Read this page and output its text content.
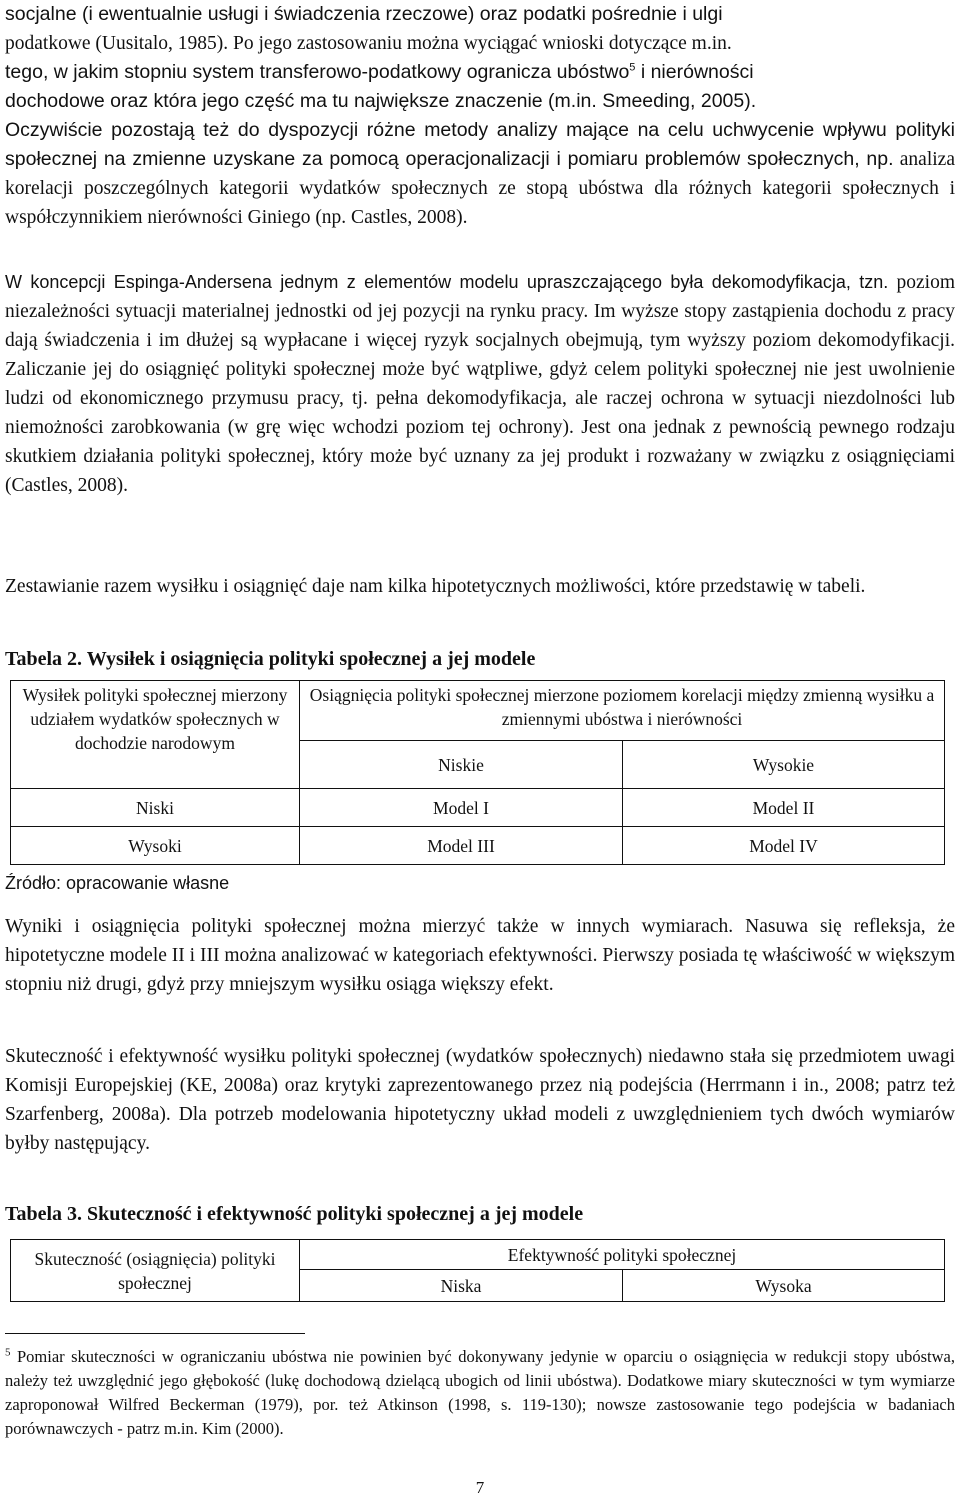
socjalne (i ewentualnie usługi i świadczenia rzeczowe) oraz podatki pośrednie i ulgi

podatkowe (Uusitalo, 1985). Po jego zastosowaniu można wyciągać wnioski dotyczące m.in.

tego, w jakim stopniu system transferowo-podatkowy ogranicza ubóstwo$^5$ i nierówności

dochodowe oraz która jego część ma tu największe znaczenie (m.in. Smeeding, 2005).

Oczywiście pozostają też do dyspozycji różne metody analizy mające na celu uchwycenie wpływu polityki społecznej na zmienne uzyskane za pomocą operacjonalizacji i pomiaru problemów społecznych, np. analiza korelacji poszczególnych kategorii wydatków społecznych ze stopą ubóstwa dla różnych kategorii społecznych i współczynnikiem nierówności Giniego (np. Castles, 2008).

W koncepcji Espinga-Andersena jednym z elementów modelu upraszczającego była dekomodyfikacja, tzn. poziom niezależności sytuacji materialnej jednostki od jej pozycji na rynku pracy. Im wyższe stopy zastąpienia dochodu z pracy dają świadczenia i im dłużej są wypłacane i więcej ryzyk socjalnych obejmują, tym wyższy poziom dekomodyfikacji. Zaliczanie jej do osiągnięć polityki społecznej może być wątpliwe, gdyż celem polityki społecznej nie jest uwolnienie ludzi od ekonomicznego przymusu pracy, tj. pełna dekomodyfikacja, ale raczej ochrona w sytuacji niezdolności lub niemożności zarobkowania (w grę więc wchodzi poziom tej ochrony). Jest ona jednak z pewnością pewnego rodzaju skutkiem działania polityki społecznej, który może być uznany za jej produkt i rozważany w związku z osiągnięciami (Castles, 2008).

Zestawianie razem wysiłku i osiągnięć daje nam kilka hipotetycznych możliwości, które przedstawię w tabeli.

Tabela 2. Wysiłek i osiągnięcia polityki społecznej a jej modele
Wysiłek polityki społecznej mierzony udziałem wydatków społecznych w dochodzie narodowym	Osiągnięcia polityki społecznej mierzone poziomem korelacji między zmienną wysiłku a zmiennymi ubóstwa i nierówności	
	Niskie	Wysokie
Niski	Model I	Model II
Wysoki	Model III	Model IV
Źródło: opracowanie własne

Wyniki i osiągnięcia polityki społecznej można mierzyć także w innych wymiarach. Nasuwa się refleksja, że hipotetyczne modele II i III można analizować w kategoriach efektywności. Pierwszy posiada tę właściwość w większym stopniu niż drugi, gdyż przy mniejszym wysiłku osiąga większy efekt.

Skuteczność i efektywność wysiłku polityki społecznej (wydatków społecznych) niedawno stała się przedmiotem uwagi Komisji Europejskiej (KE, 2008a) oraz krytyki zaprezentowanego przez nią podejścia (Herrmann i in., 2008; patrz też Szarfenberg, 2008a). Dla potrzeb modelowania hipotetyczny układ modeli z uwzględnieniem tych dwóch wymiarów byłby następujący.

Tabela 3. Skuteczność i efektywność polityki społecznej a jej modele
Skuteczność (osiągnięcia) polityki społecznej	Efektywność polityki społecznej	
	Niska	Wysoka

$^5$ Pomiar skuteczności w ograniczaniu ubóstwa nie powinien być dokonywany jedynie w oparciu o osiągnięcia w redukcji stopy ubóstwa, należy też uwzględnić jego głębokość (lukę dochodową dzielącą ubogich od linii ubóstwa). Dodatkowe miary skuteczności w tym wymiarze zaproponował Wilfred Beckerman (1979), por. też Atkinson (1998, s. 119-130); nowsze zastosowanie tego podejścia w badaniach porównawczych - patrz m.in. Kim (2000).

7
